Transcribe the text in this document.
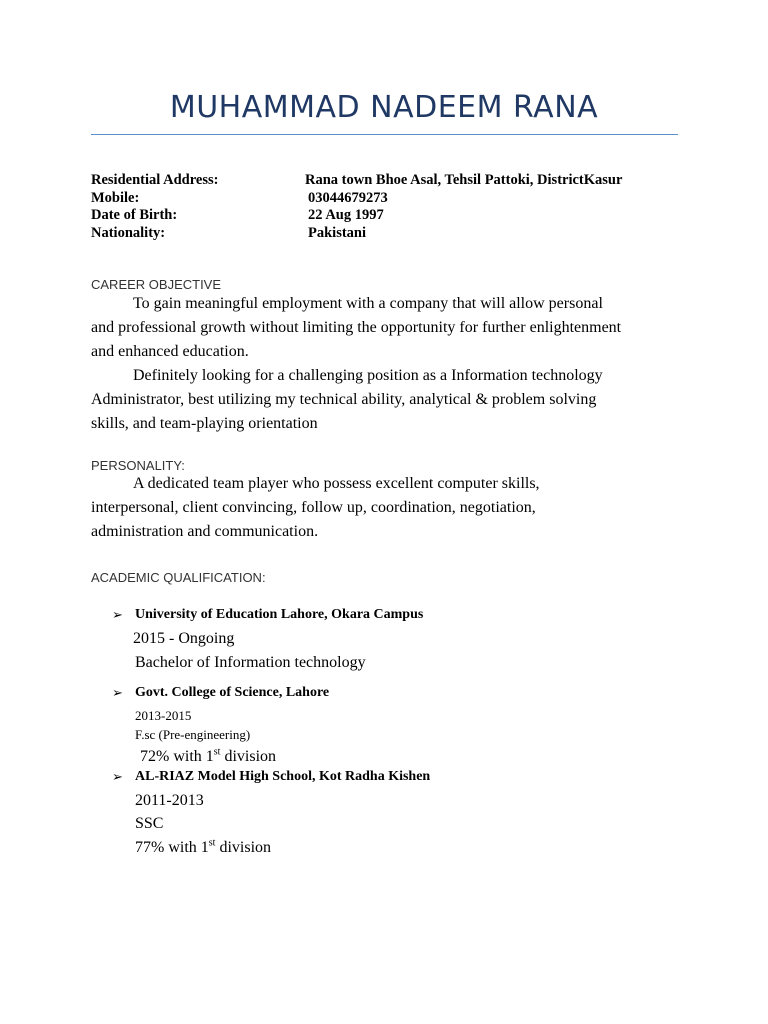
MUHAMMAD NADEEM RANA
Residential Address:	Rana town Bhoe Asal, Tehsil Pattoki, DistrictKasur
Mobile:	03044679273
Date of Birth:	22 Aug 1997
Nationality:	Pakistani
CAREER OBJECTIVE
To gain meaningful employment with a company that will allow personal
and professional growth without limiting the opportunity for further enlightenment
and enhanced education.
Definitely looking for a challenging position as a Information technology
Administrator, best utilizing my technical ability, analytical & problem solving
skills, and team-playing orientation
PERSONALITY:
A dedicated team player who possess excellent computer skills,
interpersonal, client convincing, follow up, coordination, negotiation,
administration and communication.
ACADEMIC QUALIFICATION:
➢ University of Education Lahore, Okara Campus
2015 - Ongoing
Bachelor of Information technology
➢ Govt. College of Science, Lahore
2013-2015
F.sc (Pre-engineering)
72% with 1st division
➢ AL-RIAZ Model High School, Kot Radha Kishen
2011-2013
SSC
77% with 1st division
